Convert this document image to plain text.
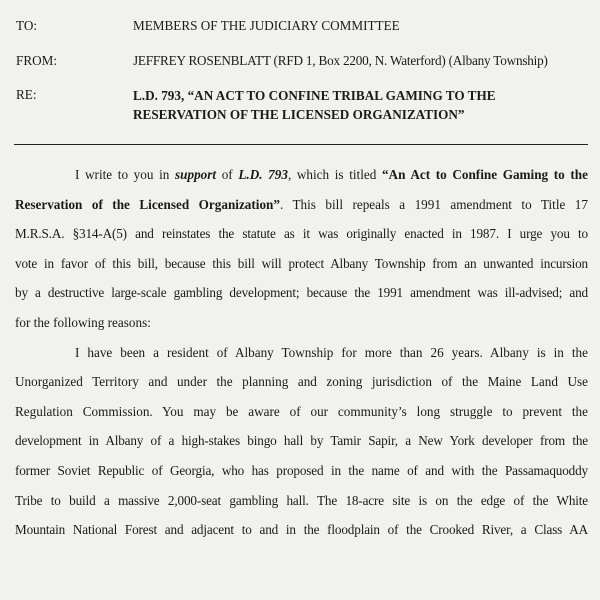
TO:	MEMBERS OF THE JUDICIARY COMMITTEE
FROM:	JEFFREY ROSENBLATT (RFD 1, Box 2200, N. Waterford) (Albany Township)
RE:	L.D. 793, “AN ACT TO CONFINE TRIBAL GAMING TO THE
RESERVATION OF THE LICENSED ORGANIZATION”
I write to you in support of L.D. 793, which is titled “An Act to Confine Gaming to the
Reservation of the Licensed Organization”. This bill repeals a 1991 amendment to Title 17
M.R.S.A. §314-A(5) and reinstates the statute as it was originally enacted in 1987. I urge you to
vote in favor of this bill, because this bill will protect Albany Township from an unwanted incursion
by a destructive large-scale gambling development; because the 1991 amendment was ill-advised; and
for the following reasons:
I have been a resident of Albany Township for more than 26 years. Albany is in the
Unorganized Territory and under the planning and zoning jurisdiction of the Maine Land Use
Regulation Commission. You may be aware of our community’s long struggle to prevent the
development in Albany of a high-stakes bingo hall by Tamir Sapir, a New York developer from the
former Soviet Republic of Georgia, who has proposed in the name of and with the Passamaquoddy
Tribe to build a massive 2,000-seat gambling hall. The 18-acre site is on the edge of the White
Mountain National Forest and adjacent to and in the floodplain of the Crooked River, a Class AA
